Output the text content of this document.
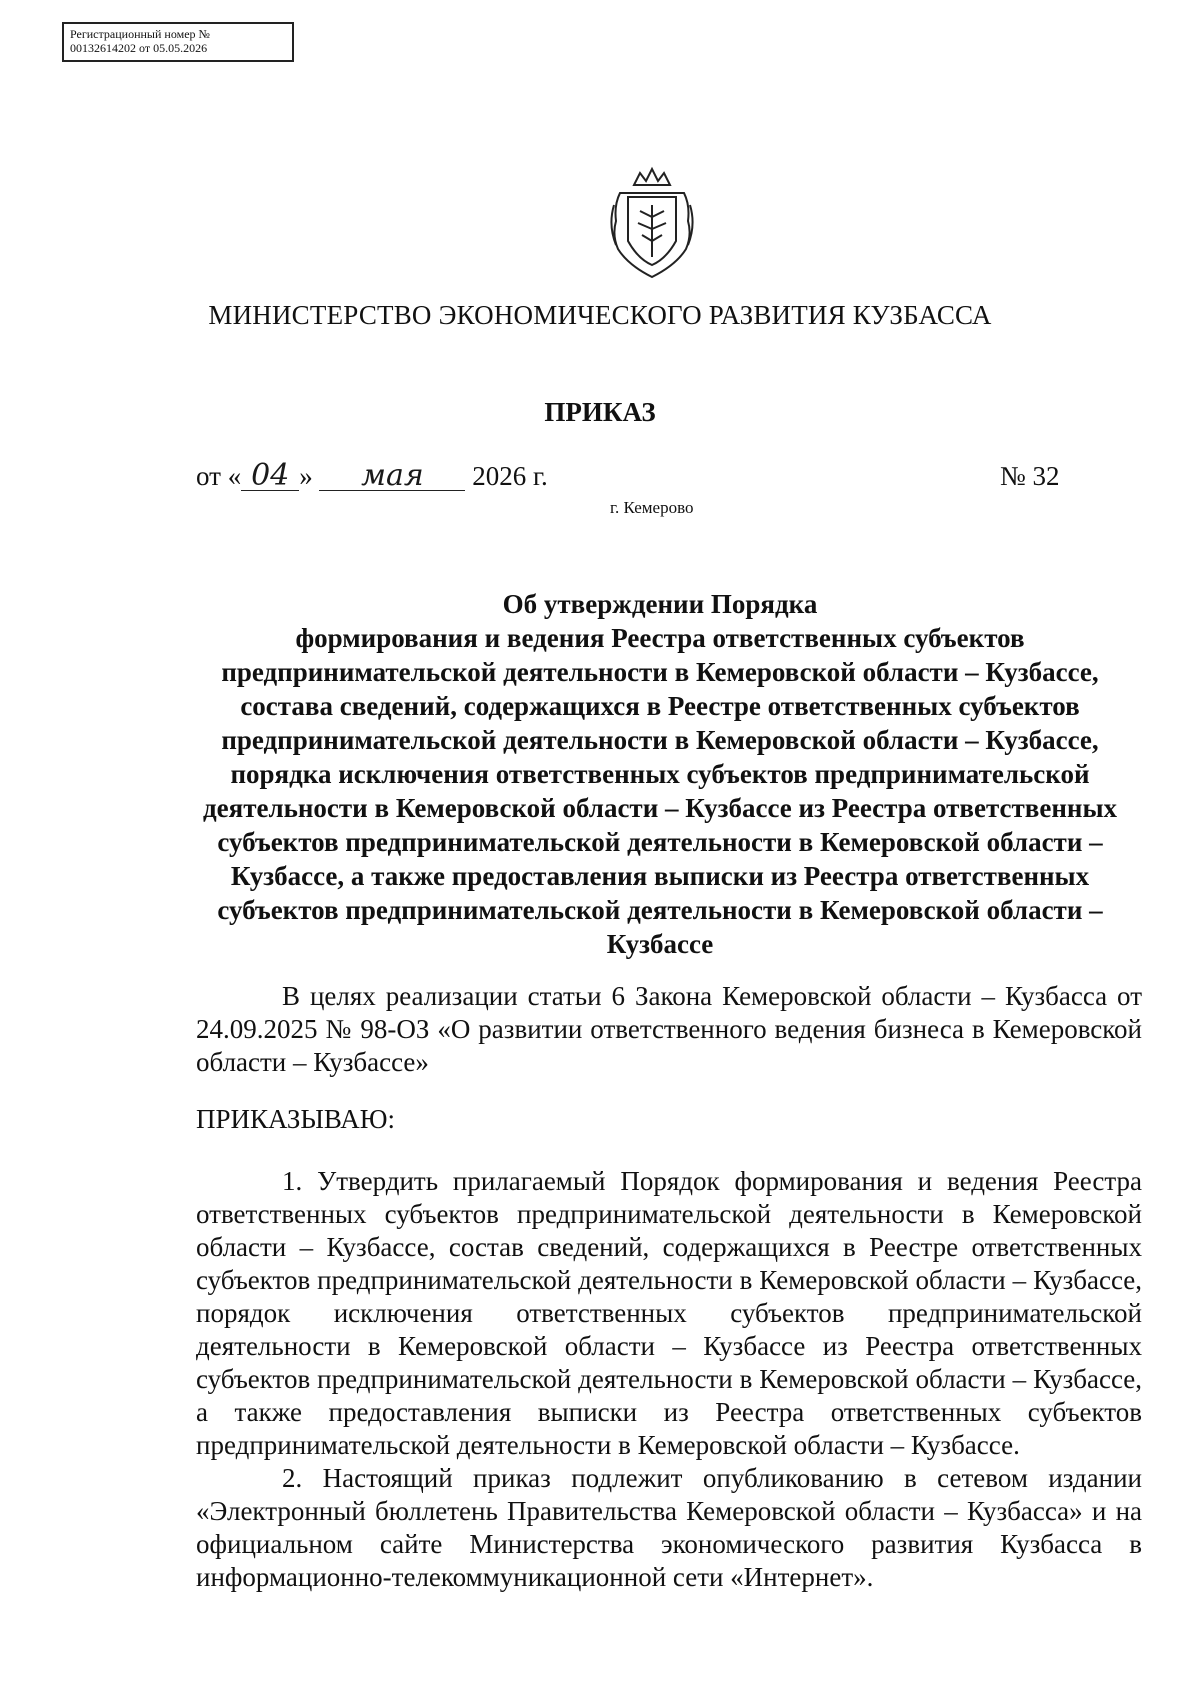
Регистрационный номер №
00132614202 от 05.05.2026
МИНИСТЕРСТВО ЭКОНОМИЧЕСКОГО РАЗВИТИЯ КУЗБАССА
ПРИКАЗ
от « 04 » мая 2026 г.	№ 32
г. Кемерово
Об утверждении Порядка
формирования и ведения Реестра ответственных субъектов
предпринимательской деятельности в Кемеровской области – Кузбассе,
состава сведений, содержащихся в Реестре ответственных субъектов
предпринимательской деятельности в Кемеровской области – Кузбассе,
порядка исключения ответственных субъектов предпринимательской
деятельности в Кемеровской области – Кузбассе из Реестра ответственных
субъектов предпринимательской деятельности в Кемеровской области –
Кузбассе, а также предоставления выписки из Реестра ответственных
субъектов предпринимательской деятельности в Кемеровской области –
Кузбассе

В целях реализации статьи 6 Закона Кемеровской области – Кузбасса от 24.09.2025 № 98-ОЗ «О развитии ответственного ведения бизнеса в Кемеровской области – Кузбассе»

ПРИКАЗЫВАЮ:

1. Утвердить прилагаемый Порядок формирования и ведения Реестра ответственных субъектов предпринимательской деятельности в Кемеровской области – Кузбассе, состав сведений, содержащихся в Реестре ответственных субъектов предпринимательской деятельности в Кемеровской области – Кузбассе, порядок исключения ответственных субъектов предпринимательской деятельности в Кемеровской области – Кузбассе из Реестра ответственных субъектов предпринимательской деятельности в Кемеровской области – Кузбассе, а также предоставления выписки из Реестра ответственных субъектов предпринимательской деятельности в Кемеровской области – Кузбассе.

2. Настоящий приказ подлежит опубликованию в сетевом издании «Электронный бюллетень Правительства Кемеровской области – Кузбасса» и на официальном сайте Министерства экономического развития Кузбасса в информационно-телекоммуникационной сети «Интернет».
